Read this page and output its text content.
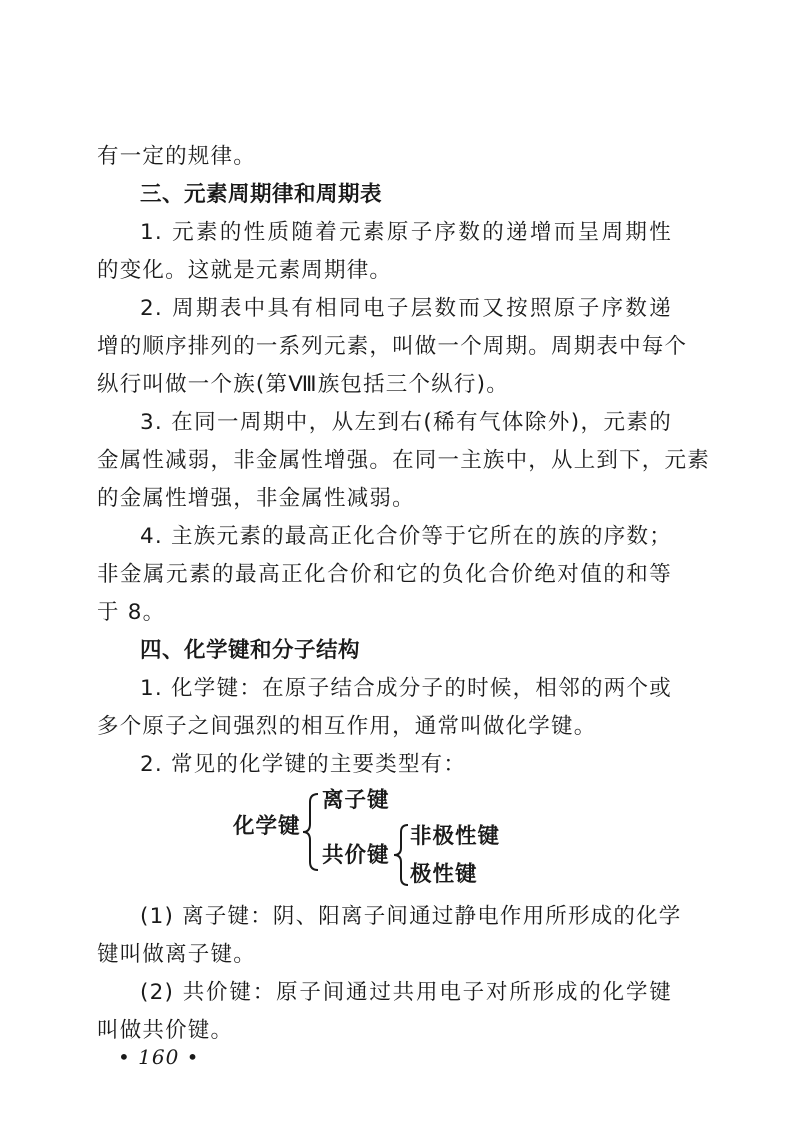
有一定的规律。
三、元素周期律和周期表
1. 元素的性质随着元素原子序数的递增而呈周期性
的变化。这就是元素周期律。
2. 周期表中具有相同电子层数而又按照原子序数递
增的顺序排列的一系列元素，叫做一个周期。周期表中每个
纵行叫做一个族(第Ⅷ族包括三个纵行)。
3. 在同一周期中，从左到右(稀有气体除外)，元素的
金属性减弱，非金属性增强。在同一主族中，从上到下，元素
的金属性增强，非金属性减弱。
4. 主族元素的最高正化合价等于它所在的族的序数；
非金属元素的最高正化合价和它的负化合价绝对值的和等
于 8。
四、化学键和分子结构
1. 化学键：在原子结合成分子的时候，相邻的两个或
多个原子之间强烈的相互作用，通常叫做化学键。
2. 常见的化学键的主要类型有：
化学键
离子键
共价键
非极性键
极性键
(1) 离子键：阴、阳离子间通过静电作用所形成的化学
键叫做离子键。
(2) 共价键：原子间通过共用电子对所形成的化学键
叫做共价键。
• 160 •
